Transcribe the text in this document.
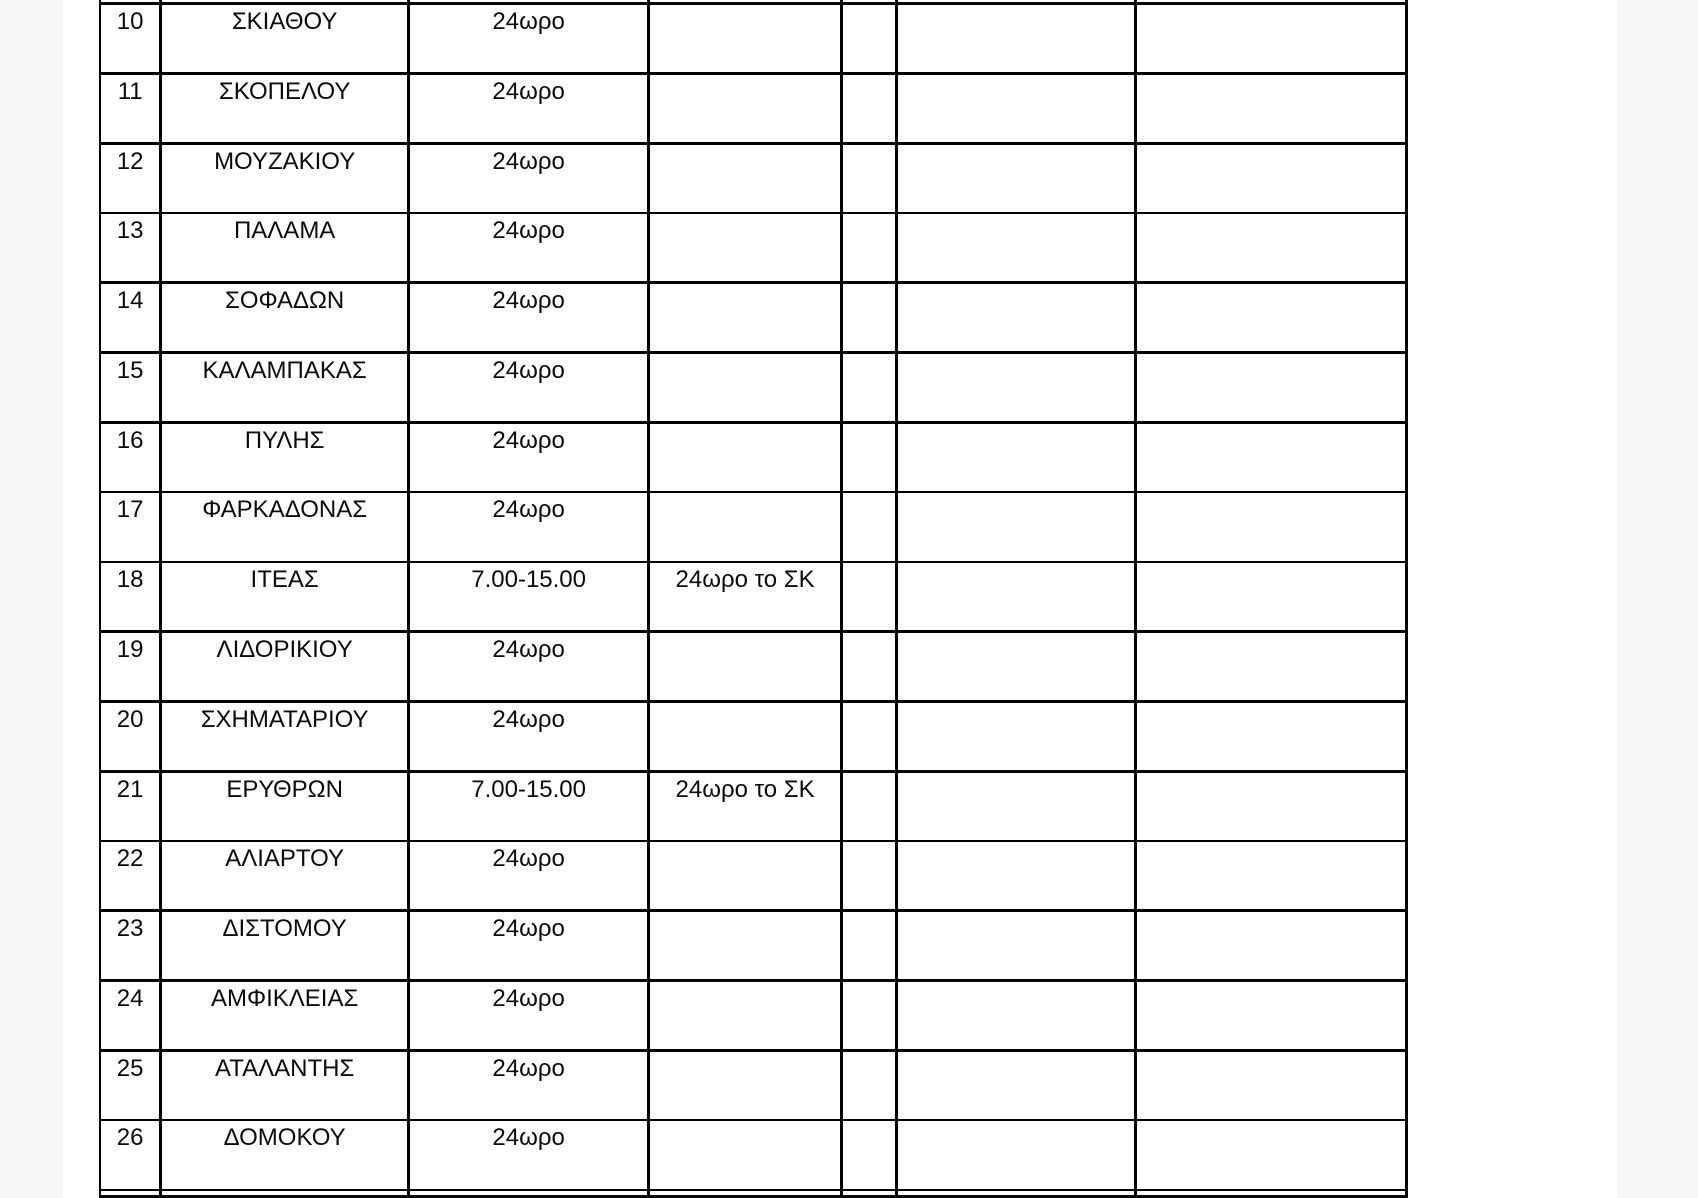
10	ΣΚΙΑΘΟΥ	24ωρο
11	ΣΚΟΠΕΛΟΥ	24ωρο
12	ΜΟΥΖΑΚΙΟΥ	24ωρο
13	ΠΑΛΑΜΑ	24ωρο
14	ΣΟΦΑΔΩΝ	24ωρο
15	ΚΑΛΑΜΠΑΚΑΣ	24ωρο
16	ΠΥΛΗΣ	24ωρο
17	ΦΑΡΚΑΔΟΝΑΣ	24ωρο
18	ΙΤΕΑΣ	7.00-15.00	24ωρο το ΣΚ
19	ΛΙΔΟΡΙΚΙΟΥ	24ωρο
20	ΣΧΗΜΑΤΑΡΙΟΥ	24ωρο
21	ΕΡΥΘΡΩΝ	7.00-15.00	24ωρο το ΣΚ
22	ΑΛΙΑΡΤΟΥ	24ωρο
23	ΔΙΣΤΟΜΟΥ	24ωρο
24	ΑΜΦΙΚΛΕΙΑΣ	24ωρο
25	ΑΤΑΛΑΝΤΗΣ	24ωρο
26	ΔΟΜΟΚΟΥ	24ωρο
